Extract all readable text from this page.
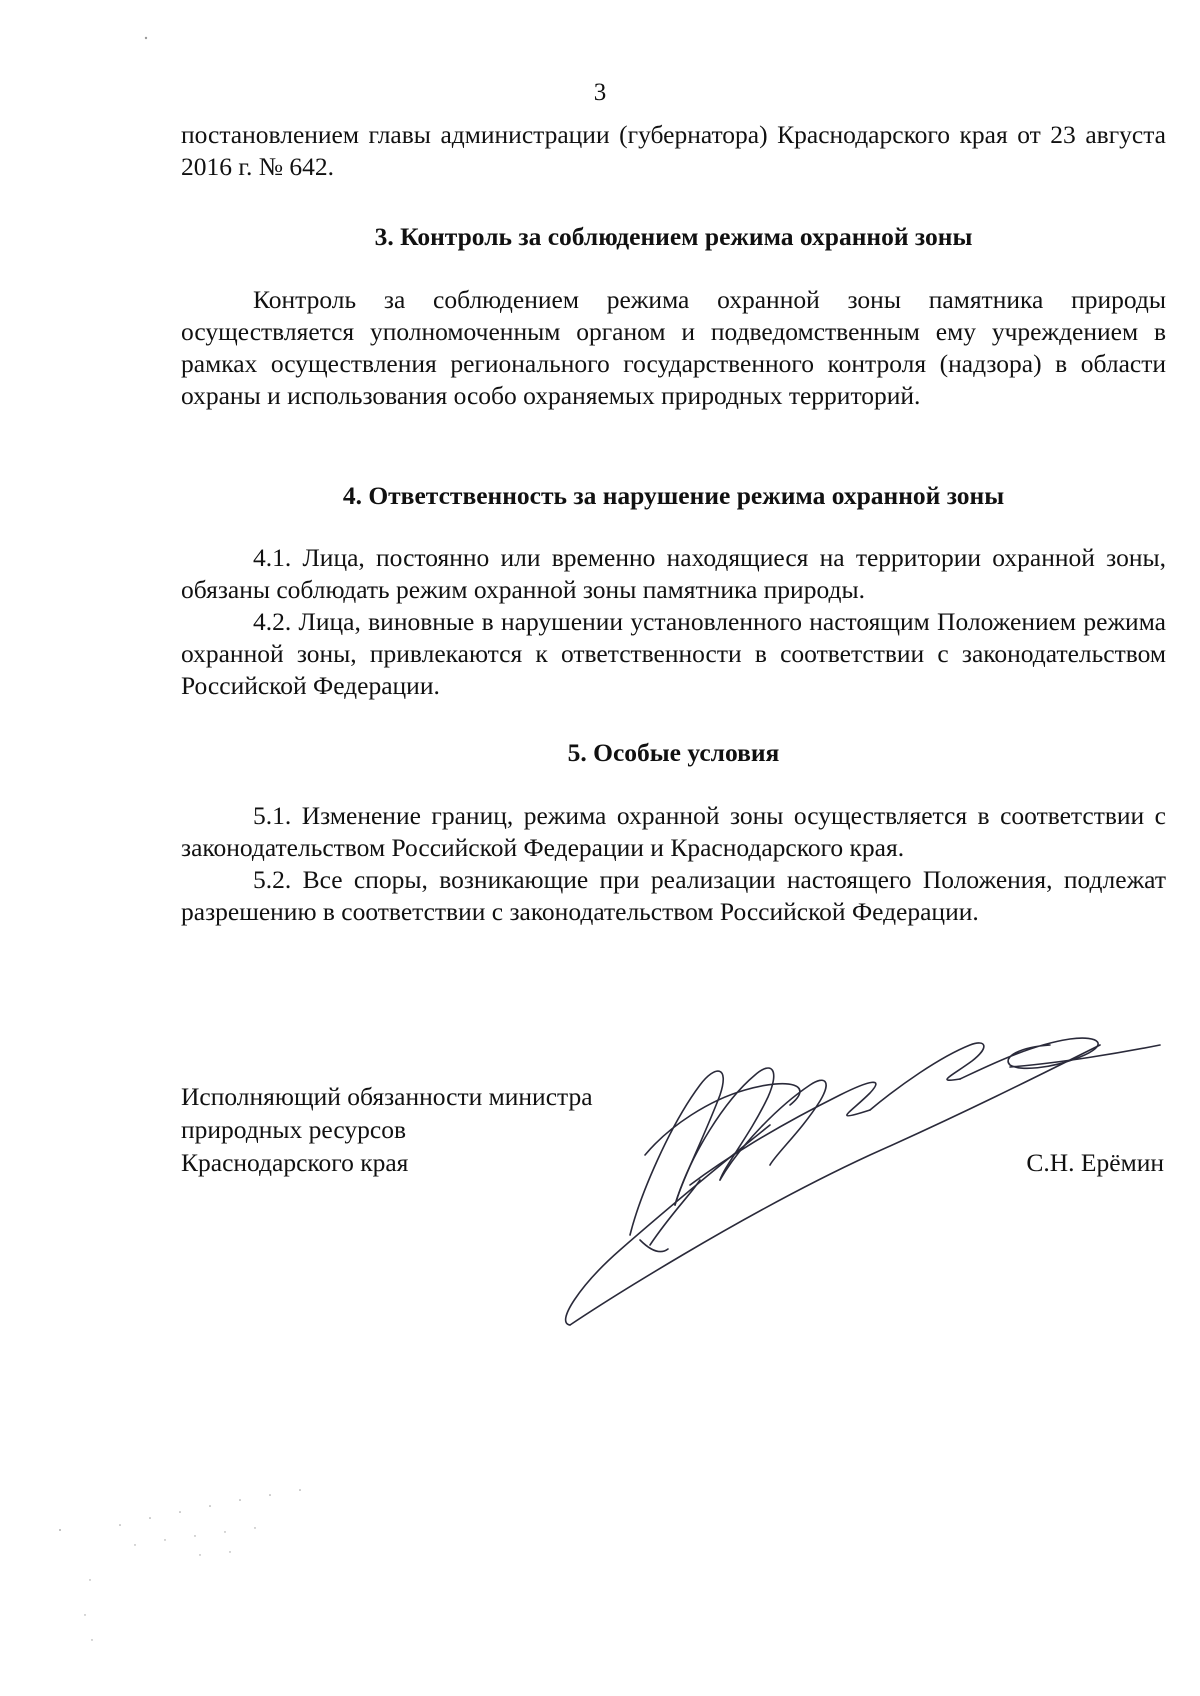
3

постановлением главы администрации (губернатора) Краснодарского края от 23 августа 2016 г. № 642.

3. Контроль за соблюдением режима охранной зоны

Контроль за соблюдением режима охранной зоны памятника природы осуществляется уполномоченным органом и подведомственным ему учреждением в рамках осуществления регионального государственного контроля (надзора) в области охраны и использования особо охраняемых природных территорий.

4. Ответственность за нарушение режима охранной зоны

4.1. Лица, постоянно или временно находящиеся на территории охранной зоны, обязаны соблюдать режим охранной зоны памятника природы.

4.2. Лица, виновные в нарушении установленного настоящим Положением режима охранной зоны, привлекаются к ответственности в соответствии с законодательством Российской Федерации.

5. Особые условия

5.1. Изменение границ, режима охранной зоны осуществляется в соответствии с законодательством Российской Федерации и Краснодарского края.

5.2. Все споры, возникающие при реализации настоящего Положения, подлежат разрешению в соответствии с законодательством Российской Федерации.

Исполняющий обязанности министра
природных ресурсов
Краснодарского края	С.Н. Ерёмин
